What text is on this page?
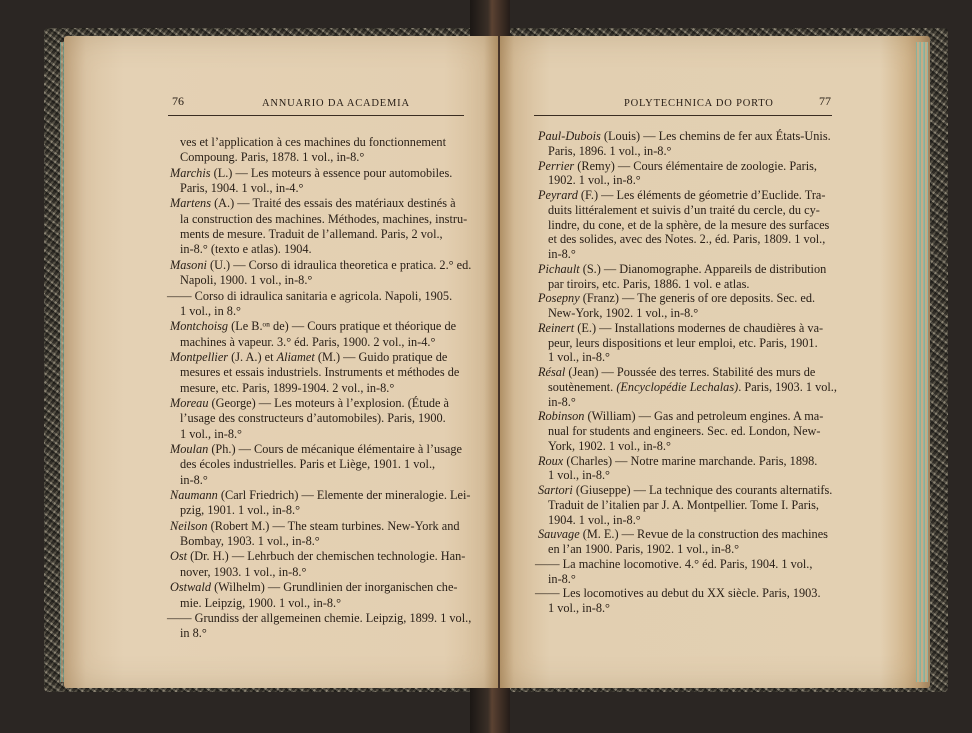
76	ANNUARIO DA ACADEMIA
ves et l’application à ces machines du fonctionnement
Compoung. Paris, 1878. 1 vol., in-8.°
Marchis (L.) — Les moteurs à essence pour automobiles.
Paris, 1904. 1 vol., in-4.°
Martens (A.) — Traité des essais des matériaux destinés à
la construction des machines. Méthodes, machines, instru-
ments de mesure. Traduit de l’allemand. Paris, 2 vol.,
in-8.° (texto e atlas). 1904.
Masoni (U.) — Corso di idraulica theoretica e pratica. 2.° ed.
Napoli, 1900. 1 vol., in-8.°
—— Corso di idraulica sanitaria e agricola. Napoli, 1905.
1 vol., in 8.°
Montchoisg (Le B.ᵒⁿ de) — Cours pratique et théorique de
machines à vapeur. 3.° éd. Paris, 1900. 2 vol., in-4.°
Montpellier (J. A.) et Aliamet (M.) — Guido pratique de
mesures et essais industriels. Instruments et méthodes de
mesure, etc. Paris, 1899-1904. 2 vol., in-8.°
Moreau (George) — Les moteurs à l’explosion. (Étude à
l’usage des constructeurs d’automobiles). Paris, 1900.
1 vol., in-8.°
Moulan (Ph.) — Cours de mécanique élémentaire à l’usage
des écoles industrielles. Paris et Liège, 1901. 1 vol.,
in-8.°
Naumann (Carl Friedrich) — Elemente der mineralogie. Lei-
pzig, 1901. 1 vol., in-8.°
Neilson (Robert M.) — The steam turbines. New-York and
Bombay, 1903. 1 vol., in-8.°
Ost (Dr. H.) — Lehrbuch der chemischen technologie. Han-
nover, 1903. 1 vol., in-8.°
Ostwald (Wilhelm) — Grundlinien der inorganischen che-
mie. Leipzig, 1900. 1 vol., in-8.°
—— Grundiss der allgemeinen chemie. Leipzig, 1899. 1 vol.,
in 8.°
POLYTECHNICA DO PORTO	77
Paul-Dubois (Louis) — Les chemins de fer aux États-Unis.
Paris, 1896. 1 vol., in-8.°
Perrier (Remy) — Cours élémentaire de zoologie. Paris,
1902. 1 vol., in-8.°
Peyrard (F.) — Les éléments de géometrie d’Euclide. Tra-
duits littéralement et suivis d’un traité du cercle, du cy-
lindre, du cone, et de la sphère, de la mesure des surfaces
et des solides, avec des Notes. 2., éd. Paris, 1809. 1 vol.,
in-8.°
Pichault (S.) — Dianomographe. Appareils de distribution
par tiroirs, etc. Paris, 1886. 1 vol. e atlas.
Posepny (Franz) — The generis of ore deposits. Sec. ed.
New-York, 1902. 1 vol., in-8.°
Reinert (E.) — Installations modernes de chaudières à va-
peur, leurs dispositions et leur emploi, etc. Paris, 1901.
1 vol., in-8.°
Résal (Jean) — Poussée des terres. Stabilité des murs de
soutènement. (Encyclopédie Lechalas). Paris, 1903. 1 vol.,
in-8.°
Robinson (William) — Gas and petroleum engines. A ma-
nual for students and engineers. Sec. ed. London, New-
York, 1902. 1 vol., in-8.°
Roux (Charles) — Notre marine marchande. Paris, 1898.
1 vol., in-8.°
Sartori (Giuseppe) — La technique des courants alternatifs.
Traduit de l’italien par J. A. Montpellier. Tome I. Paris,
1904. 1 vol., in-8.°
Sauvage (M. E.) — Revue de la construction des machines
en l’an 1900. Paris, 1902. 1 vol., in-8.°
—— La machine locomotive. 4.° éd. Paris, 1904. 1 vol.,
in-8.°
—— Les locomotives au debut du XX siècle. Paris, 1903.
1 vol., in-8.°
